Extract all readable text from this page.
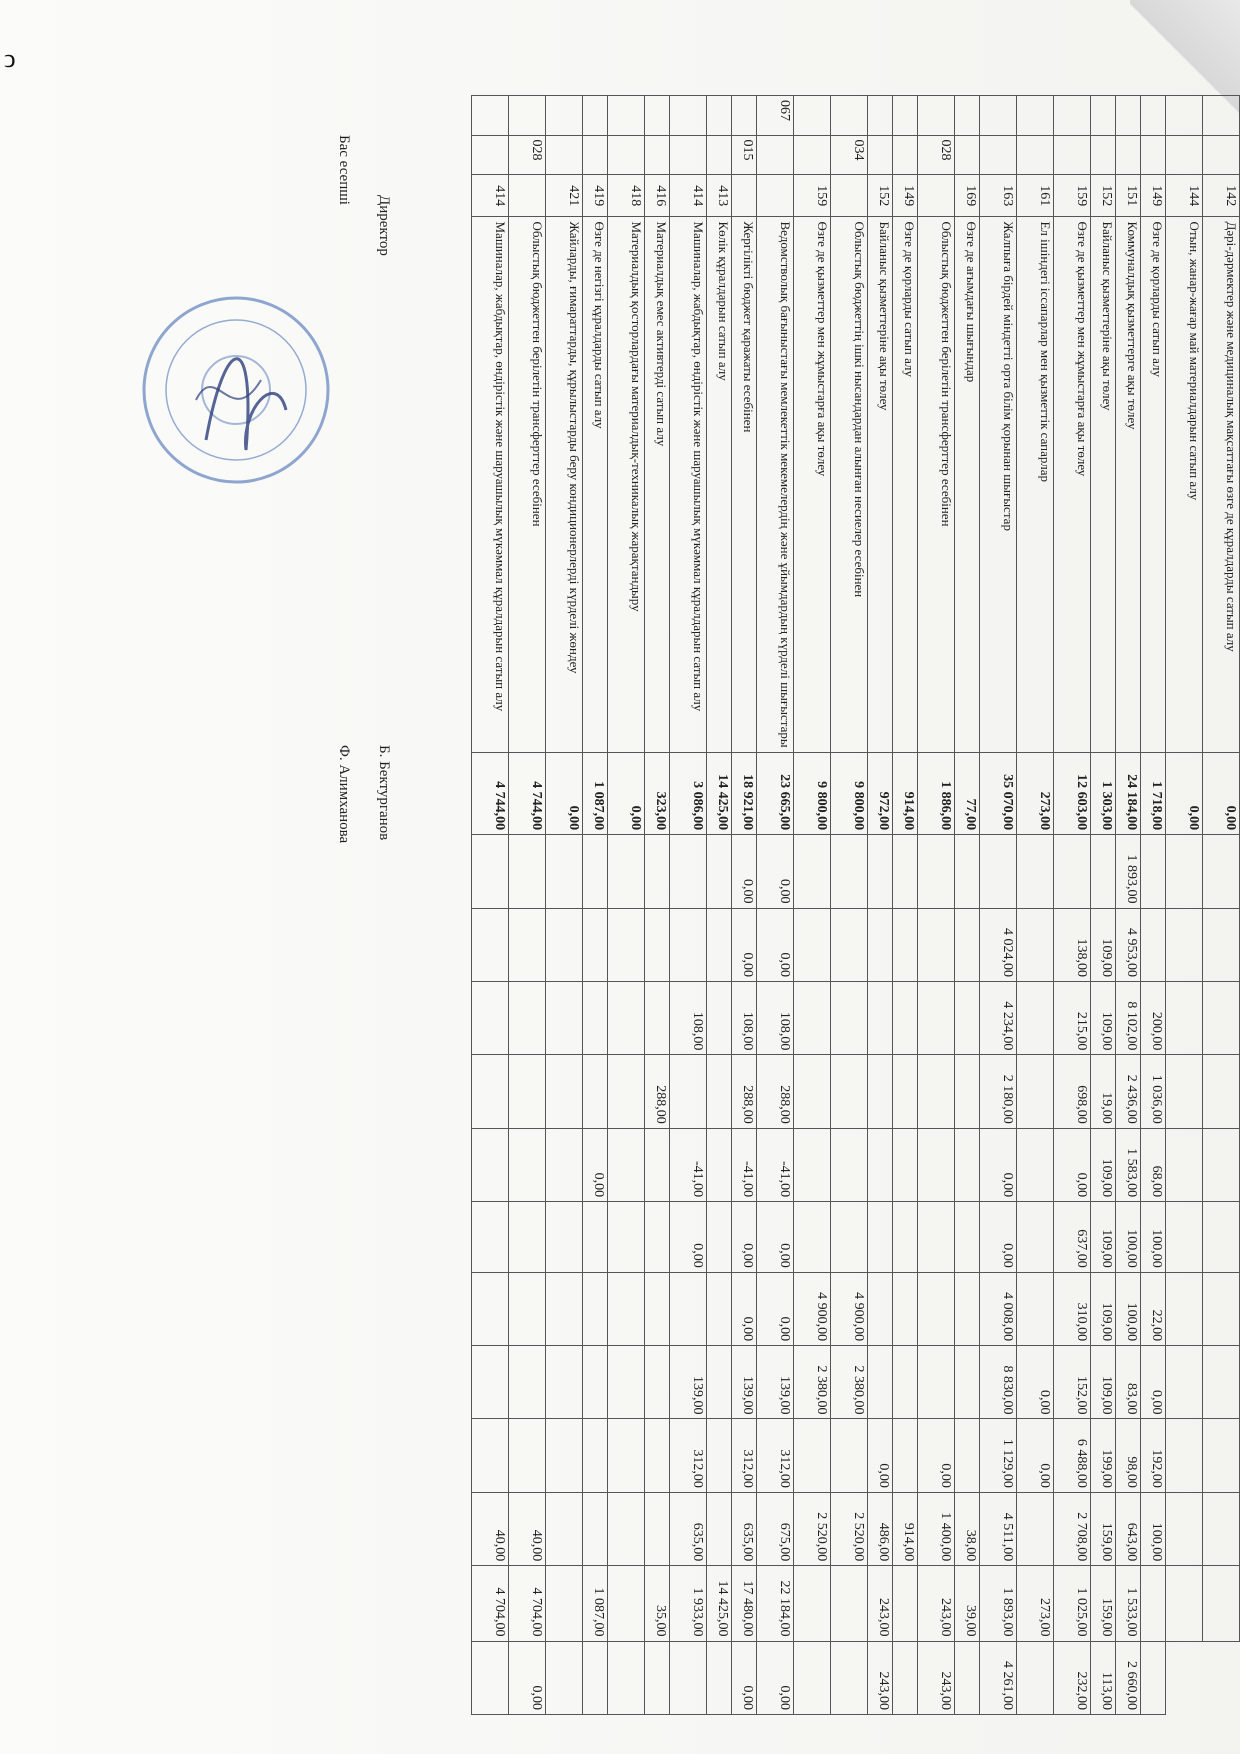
ↄ
		142	Дәрі-дәрмектер және медициналық мақсаттағы өзге де құралдарды сатып алу	0,00												
		144	Отын, жанар-жағар май материалдарын сатып алу	0,00												
		149	Өзге де қорларды сатып алу	1 718,00			200,00	1 036,00	68,00	100,00	22,00	0,00	192,00	100,00		
		151	Коммуналдық қызметтерге ақы төлеу	24 184,00	1 893,00	4 953,00	8 102,00	2 436,00	1 583,00	100,00	100,00	83,00	98,00	643,00	1 533,00	2 660,00
		152	Байланыс қызметтеріне ақы төлеу	1 303,00		109,00	109,00	19,00	109,00	109,00	109,00	109,00	199,00	159,00	159,00	113,00
		159	Өзге де қызметтер мен жұмыстарға ақы төлеу	12 603,00		138,00	215,00	698,00	0,00	637,00	310,00	152,00	6 488,00	2 708,00	1 025,00	232,00
		161	Ел ішіндегі іссапарлар мен қызметтік сапарлар	273,00								0,00	0,00		273,00	
		163	Жалпыға бірдей міндетті орта білім қорынан шығыстар	35 070,00		4 024,00	4 234,00	2 180,00	0,00	0,00	4 008,00	8 830,00	1 129,00	4 511,00	1 893,00	4 261,00
		169	Өзге де ағымдағы шығындар	77,00										38,00	39,00	
	028		Облыстық бюджеттен берілетін трансферттер есебінен	1 886,00									0,00	1 400,00	243,00	243,00
		149	Өзге де қорларды сатып алу	914,00										914,00		
		152	Байланыс қызметтеріне ақы төлеу	972,00									0,00	486,00	243,00	243,00
	034		Облыстық бюджеттің ішкі нысандардан алынған несиелер есебінен	9 800,00							4 900,00	2 380,00		2 520,00		
		159	Өзге де қызметтер мен жұмыстарға ақы төлеу	9 800,00							4 900,00	2 380,00		2 520,00		
067			Ведомстволық бағыныстағы мемлекеттік мекемелердің және ұйымдардың күрделі шығыстары	23 665,00	0,00	0,00	108,00	288,00	-41,00	0,00	0,00	139,00	312,00	675,00	22 184,00	0,00
	015		Жергілікті бюджет қаражаты есебінен	18 921,00	0,00	0,00	108,00	288,00	-41,00	0,00	0,00	139,00	312,00	635,00	17 480,00	0,00
		413	Көлік құралдарын сатып алу	14 425,00											14 425,00	
		414	Машиналар, жабдықтар, өндірістік және шаруашылық мүкәммал құралдарын сатып алу	3 086,00			108,00		-41,00	0,00		139,00	312,00	635,00	1 933,00	
		416	Материалдық емес активтерді сатып алу	323,00				288,00							35,00	
		418	Материалдық қосторлардағы материалдық-техникалық жарақтандыру	0,00												
		419	Өзге де негізгі құралдарды сатып алу	1 087,00					0,00						1 087,00	
		421	Жайларды, ғимараттарды, құрылыстарды беру кондиционерлерді күрделі жөндеу	0,00												
	028		Облыстық бюджеттен берілетін трансферттер есебінен	4 744,00										40,00	4 704,00	0,00
		414	Машиналар, жабдықтар, өндірістік және шаруашылық мүкәммал құралдарын сатып алу	4 744,00										40,00	4 704,00	
Директор
Б. Бектурганов
Бас есепші
Ф. Алимханова
